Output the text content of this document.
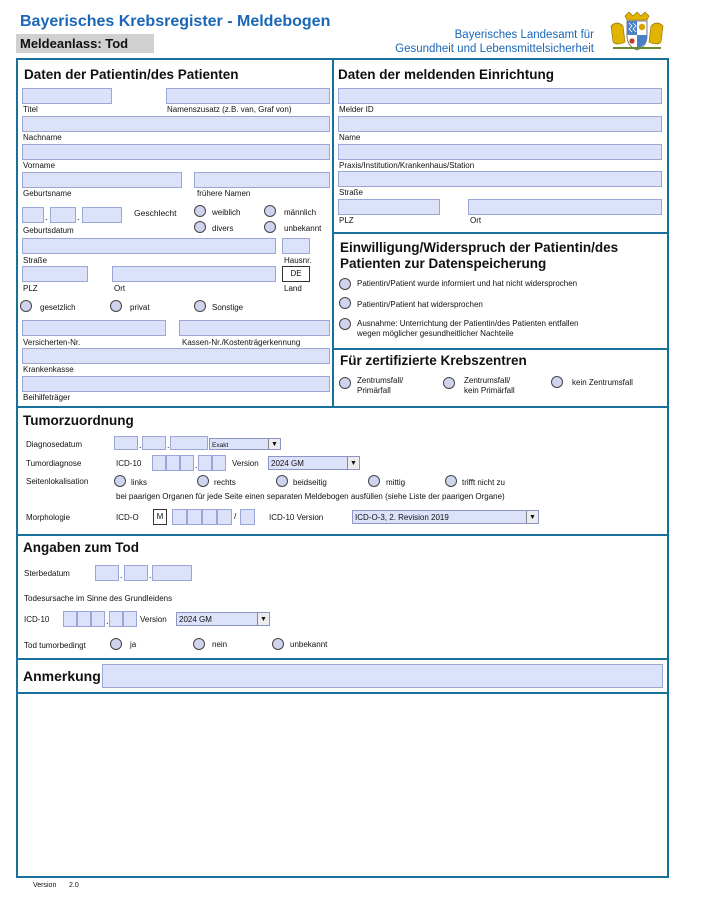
Bayerisches Krebsregister - Meldebogen
Meldeanlass: Tod
Bayerisches Landesamt für
Gesundheit und Lebensmittelsicherheit
Daten der Patientin/des Patienten
Titel	Namenszusatz (z.B. van, Graf von)
Nachname
Vorname
Geburtsname	frühere Namen
.	.
Geburtsdatum
Geschlecht	weiblich	männlich
divers	unbekannt
Straße	Hausnr.
DE
PLZ	Ort	Land
gesetzlich	privat	Sonstige
Versicherten-Nr.	Kassen-Nr./Kostenträgerkennung
Krankenkasse
Beihilfeträger
Daten der meldenden Einrichtung
Melder ID
Name
Praxis/Institution/Krankenhaus/Station
Straße
PLZ	Ort
Einwilligung/Widerspruch der Patientin/des
Patienten zur Datenspeicherung
Patientin/Patient wurde informiert und hat nicht widersprochen
Patientin/Patient hat widersprochen
Ausnahme: Unterrichtung der Patientin/des Patienten entfallen
wegen möglicher gesundheitlicher Nachteile
Für zertifizierte Krebszentren
Zentrumsfall/
Primärfall
Zentrumsfall/
kein Primärfall
kein Zentrumsfall
Tumorzuordnung
Diagnosedatum	.	.	Exakt	▼
Tumordiagnose	ICD-10	.	Version	2024 GM	▼
Seitenlokalisation	links	rechts	beidseitig	mittig	trifft nicht zu
bei paarigen Organen für jede Seite einen separaten Meldebogen ausfüllen (siehe Liste der paarigen Organe)
Morphologie	ICD-O	M	/	ICD-10 Version	ICD-O-3, 2. Revision 2019	▼
Angaben zum Tod
Sterbedatum	.	.
Todesursache im Sinne des Grundleidens
ICD-10	.	Version	2024 GM	▼
Tod tumorbedingt	ja	nein	unbekannt
Anmerkung
Version 2.0
